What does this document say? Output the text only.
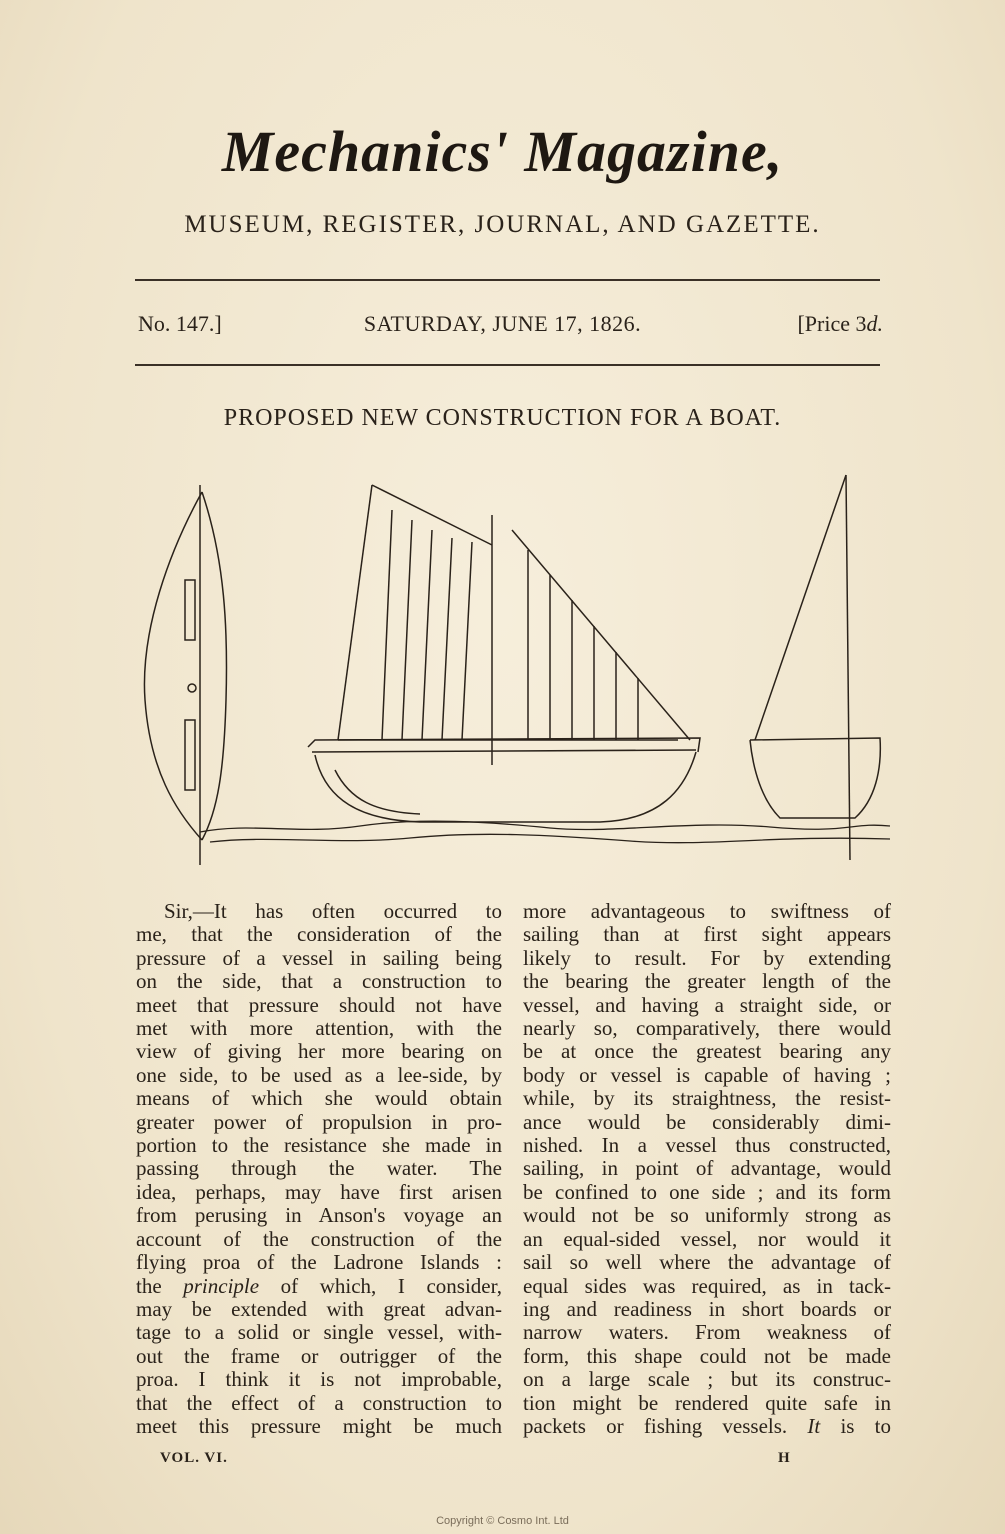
Mechanics' Magazine,
MUSEUM, REGISTER, JOURNAL, AND GAZETTE.
SATURDAY, JUNE 17, 1826.
No. 147.]	[Price 3d.
PROPOSED NEW CONSTRUCTION FOR A BOAT.
Sir,—It has often occurred to
me, that the consideration of the
pressure of a vessel in sailing being
on the side, that a construction to
meet that pressure should not have
met with more attention, with the
view of giving her more bearing on
one side, to be used as a lee-side, by
means of which she would obtain
greater power of propulsion in pro-
portion to the resistance she made in
passing through the water. The
idea, perhaps, may have first arisen
from perusing in Anson's voyage an
account of the construction of the
flying proa of the Ladrone Islands :
the principle of which, I consider,
may be extended with great advan-
tage to a solid or single vessel, with-
out the frame or outrigger of the
proa. I think it is not improbable,
that the effect of a construction to
meet this pressure might be much
more advantageous to swiftness of
sailing than at first sight appears
likely to result. For by extending
the bearing the greater length of the
vessel, and having a straight side, or
nearly so, comparatively, there would
be at once the greatest bearing any
body or vessel is capable of having ;
while, by its straightness, the resist-
ance would be considerably dimi-
nished. In a vessel thus constructed,
sailing, in point of advantage, would
be confined to one side ; and its form
would not be so uniformly strong as
an equal-sided vessel, nor would it
sail so well where the advantage of
equal sides was required, as in tack-
ing and readiness in short boards or
narrow waters. From weakness of
form, this shape could not be made
on a large scale ; but its construc-
tion might be rendered quite safe in
packets or fishing vessels. It is to
VOL. VI.	H
Copyright © Cosmo Int. Ltd
